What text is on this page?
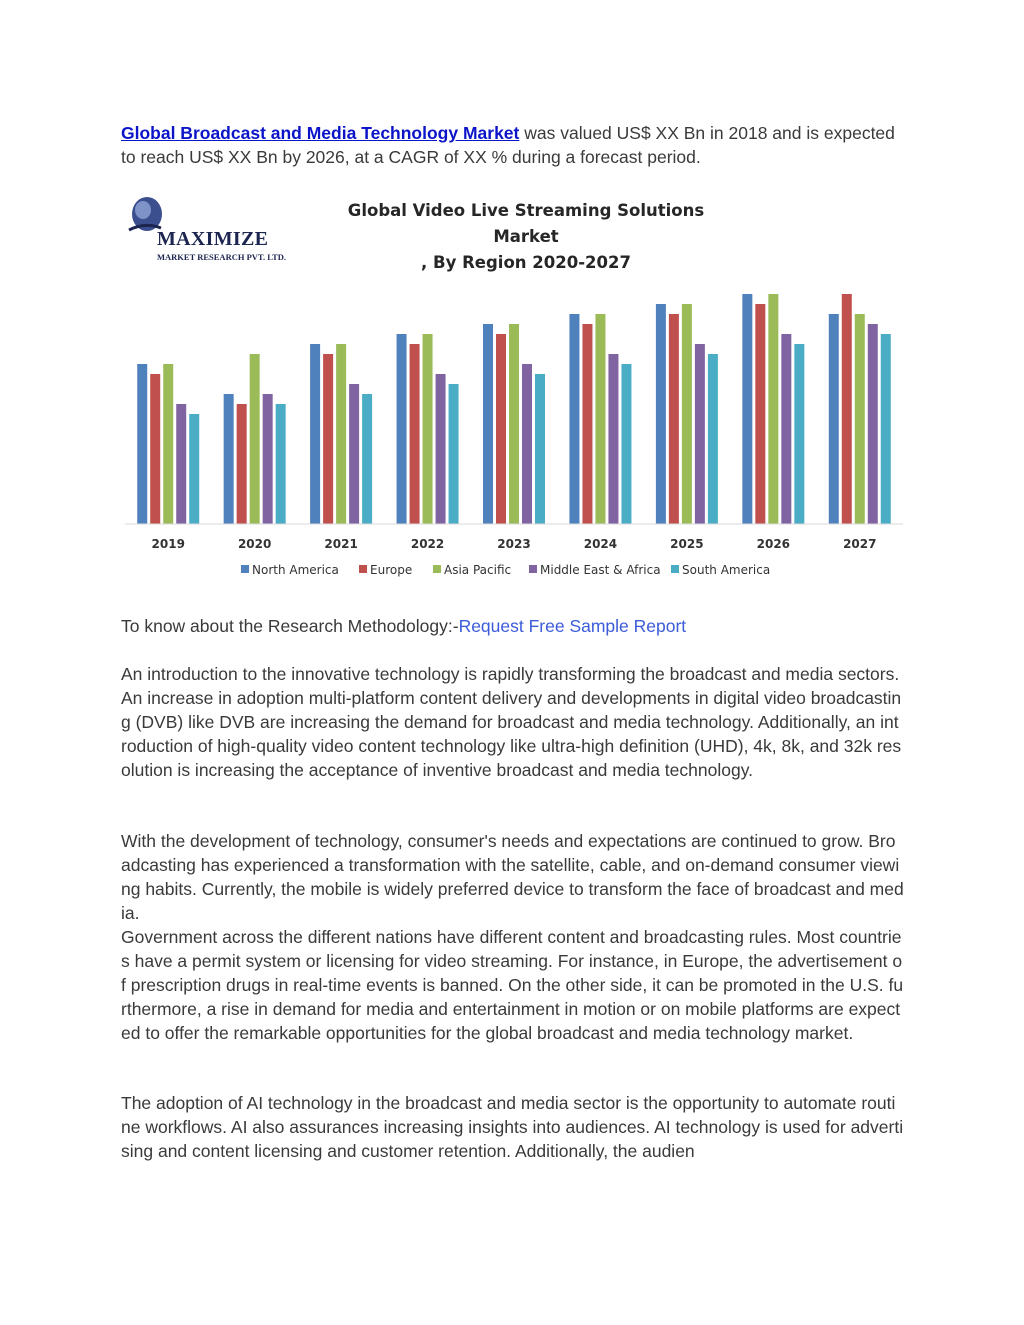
Global Broadcast and Media Technology Market was valued US$ XX Bn in 2018 and is expected to reach US$ XX Bn by 2026, at a CAGR of XX % during a forecast period.
MAXIMIZE
MARKET RESEARCH PVT. LTD.
Global Video Live Streaming Solutions Market
, By Region 2020-2027
2019	2020	2021	2022	2023	2024	2025	2026	2027
North America	Europe	Asia Pacific Middle East & Africa South America
To know about the Research Methodology:-Request Free Sample Report
An introduction to the innovative technology is rapidly transforming the broadcast and media sectors. An increase in adoption multi-platform content delivery and developments in digital video broadcasting (DVB) like DVB are increasing the demand for broadcast and media technology. Additionally, an introduction of high-quality video content technology like ultra-high definition (UHD), 4k, 8k, and 32k resolution is increasing the acceptance of inventive broadcast and media technology.
With the development of technology, consumer's needs and expectations are continued to grow. Broadcasting has experienced a transformation with the satellite, cable, and on-demand consumer viewing habits. Currently, the mobile is widely preferred device to transform the face of broadcast and media.
Government across the different nations have different content and broadcasting rules. Most countries have a permit system or licensing for video streaming. For instance, in Europe, the advertisement of prescription drugs in real-time events is banned. On the other side, it can be promoted in the U.S. furthermore, a rise in demand for media and entertainment in motion or on mobile platforms are expected to offer the remarkable opportunities for the global broadcast and media technology market.
The adoption of AI technology in the broadcast and media sector is the opportunity to automate routine workflows. AI also assurances increasing insights into audiences. AI technology is used for advertising and content licensing and customer retention. Additionally, the audien
